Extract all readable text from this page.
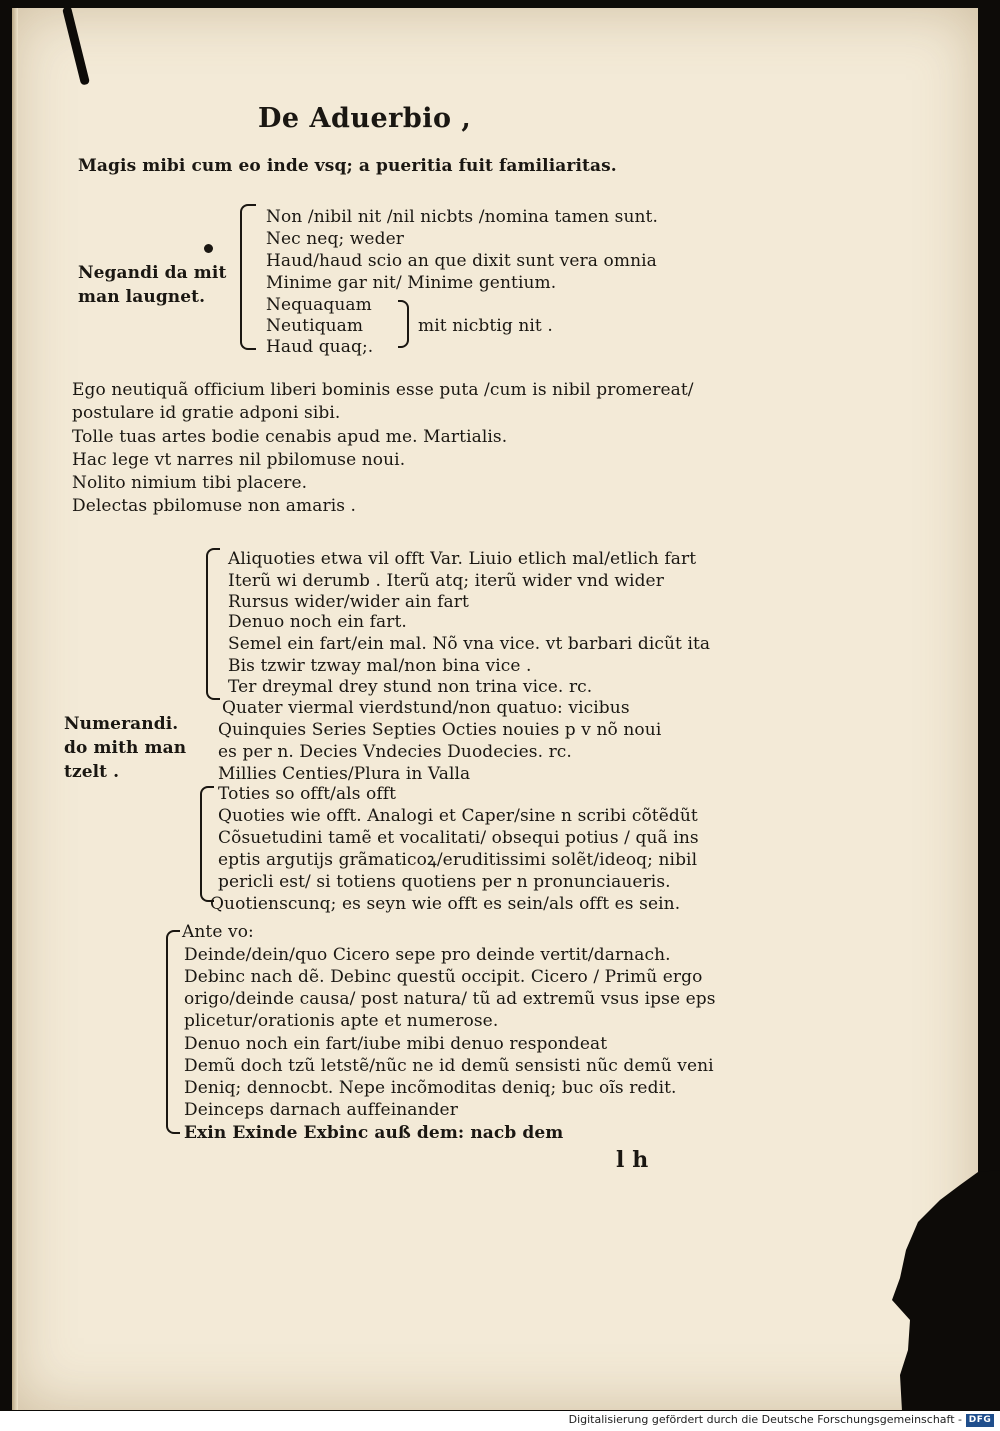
De Aduerbio ,
Magis mibi cum eo inde vsq; a pueritia fuit familiaritas.
Negandi da mit
man laugnet.
Non /nibil nit /nil nicbts /nomina tamen sunt.
Nec neq; weder
Haud/haud scio an que dixit sunt vera omnia
Minime gar nit/ Minime gentium.
Nequaquam
Neutiquam
Haud quaq;.
mit nicbtig nit .
Ego neutiquã officium liberi bominis esse puta /cum is nibil promereat/
postulare id gratie adponi sibi.
Tolle tuas artes bodie cenabis apud me. Martialis.
Hac lege vt narres nil pbilomuse noui.
Nolito nimium tibi placere.
Delectas pbilomuse non amaris .
Numerandi.
do mith man
tzelt .
Aliquoties etwa vil offt Var. Liuio etlich mal/etlich fart
Iterũ wi derumb . Iterũ atq; iterũ wider vnd wider
Rursus wider/wider ain fart
Denuo noch ein fart.
Semel ein fart/ein mal. Nõ vna vice. vt barbari dicũt ita
Bis tzwir tzway mal/non bina vice .
Ter dreymal drey stund non trina vice. rc.
Quater viermal vierdstund/non quatuo: vicibus
Quinquies Series Septies Octies nouies p v nõ noui
es per n. Decies Vndecies Duodecies. rc.
Millies Centies/Plura in Valla
Toties so offt/als offt
Quoties wie offt. Analogi et Caper/sine n scribi cõtẽdũt
Cõsuetudini tamẽ et vocalitati/ obsequi potius / quã ins
eptis argutijs grãmaticoꝝ/eruditissimi solẽt/ideoq; nibil
pericli est/ si totiens quotiens per n pronunciaueris.
Quotienscunq; es seyn wie offt es sein/als offt es sein.
Ante vo:
Deinde/dein/quo Cicero sepe pro deinde vertit/darnach.
Debinc nach dẽ. Debinc questũ occipit. Cicero / Primũ ergo
origo/deinde causa/ post natura/ tũ ad extremũ vsus ipse eps
plicetur/orationis apte et numerose.
Denuo noch ein fart/iube mibi denuo respondeat
Demũ doch tzũ letstẽ/nũc ne id demũ sensisti nũc demũ veni
Deniq; dennocbt. Nepe incõmoditas deniq; buc oĩs redit.
Deinceps darnach auffeinander
Exin Exinde Exbinc auß dem: nacb dem
l h
Digitalisierung gefördert durch die Deutsche Forschungsgemeinschaft - DFG
